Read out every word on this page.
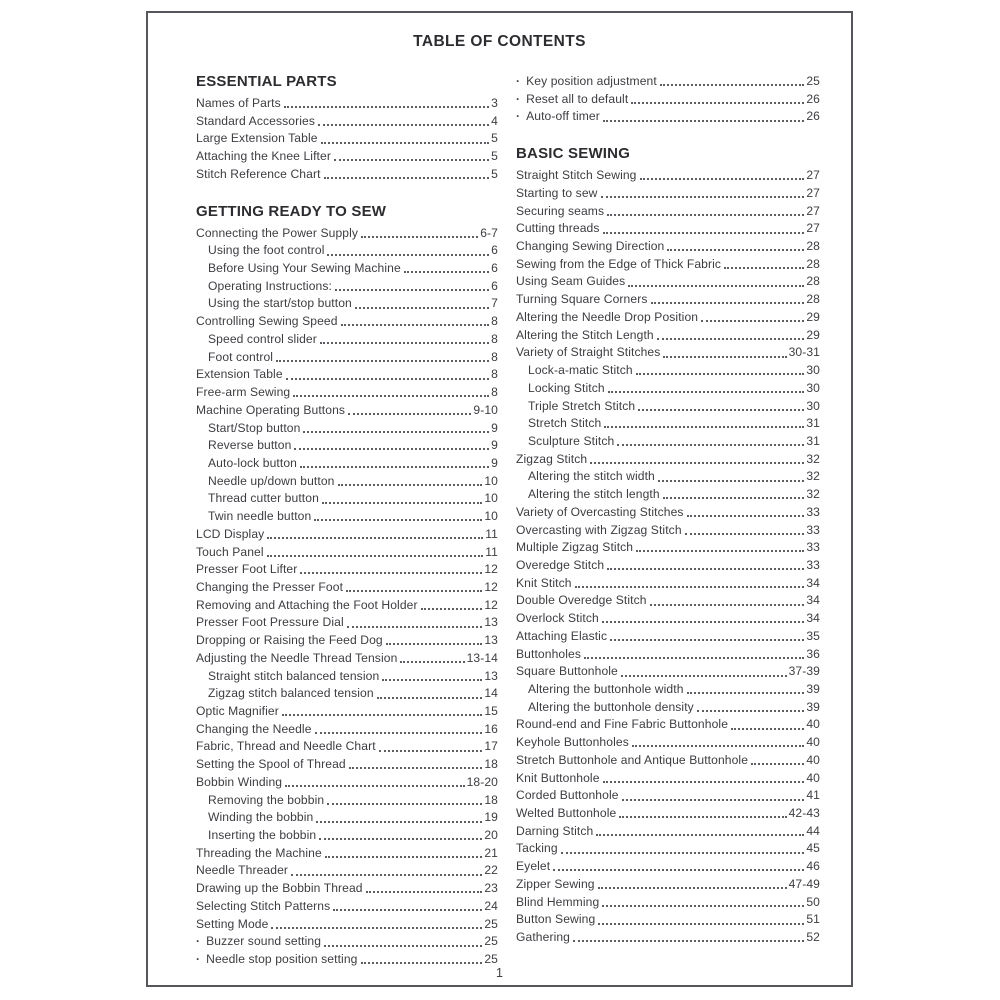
TABLE OF CONTENTS
ESSENTIAL PARTS
Names of Parts	3
Standard Accessories	4
Large Extension Table	5
Attaching the Knee Lifter	5
Stitch Reference Chart	5
GETTING READY TO SEW
Connecting the Power Supply	6-7
Using the foot control	6
Before Using Your Sewing Machine	6
Operating Instructions:	6
Using the start/stop button	7
Controlling Sewing Speed	8
Speed control slider	8
Foot control	8
Extension Table	8
Free-arm Sewing	8
Machine Operating Buttons	9-10
Start/Stop button	9
Reverse button	9
Auto-lock button	9
Needle up/down button	10
Thread cutter button	10
Twin needle button	10
LCD Display	11
Touch Panel	11
Presser Foot Lifter	12
Changing the Presser Foot	12
Removing and Attaching the Foot Holder	12
Presser Foot Pressure Dial	13
Dropping or Raising the Feed Dog	13
Adjusting the Needle Thread Tension	13-14
Straight stitch balanced tension	13
Zigzag stitch balanced tension	14
Optic Magnifier	15
Changing the Needle	16
Fabric, Thread and Needle Chart	17
Setting the Spool of Thread	18
Bobbin Winding	18-20
Removing the bobbin	18
Winding the bobbin	19
Inserting the bobbin	20
Threading the Machine	21
Needle Threader	22
Drawing up the Bobbin Thread	23
Selecting Stitch Patterns	24
Setting Mode	25
· Buzzer sound setting	25
· Needle stop position setting	25
· Key position adjustment	25
· Reset all to default	26
· Auto-off timer	26
BASIC SEWING
Straight Stitch Sewing	27
Starting to sew	27
Securing seams	27
Cutting threads	27
Changing Sewing Direction	28
Sewing from the Edge of Thick Fabric	28
Using Seam Guides	28
Turning Square Corners	28
Altering the Needle Drop Position	29
Altering the Stitch Length	29
Variety of Straight Stitches	30-31
Lock-a-matic Stitch	30
Locking Stitch	30
Triple Stretch Stitch	30
Stretch Stitch	31
Sculpture Stitch	31
Zigzag Stitch	32
Altering the stitch width	32
Altering the stitch length	32
Variety of Overcasting Stitches	33
Overcasting with Zigzag Stitch	33
Multiple Zigzag Stitch	33
Overedge Stitch	33
Knit Stitch	34
Double Overedge Stitch	34
Overlock Stitch	34
Attaching Elastic	35
Buttonholes	36
Square Buttonhole	37-39
Altering the buttonhole width	39
Altering the buttonhole density	39
Round-end and Fine Fabric Buttonhole	40
Keyhole Buttonholes	40
Stretch Buttonhole and Antique Buttonhole	40
Knit Buttonhole	40
Corded Buttonhole	41
Welted Buttonhole	42-43
Darning Stitch	44
Tacking	45
Eyelet	46
Zipper Sewing	47-49
Blind Hemming	50
Button Sewing	51
Gathering	52
1
